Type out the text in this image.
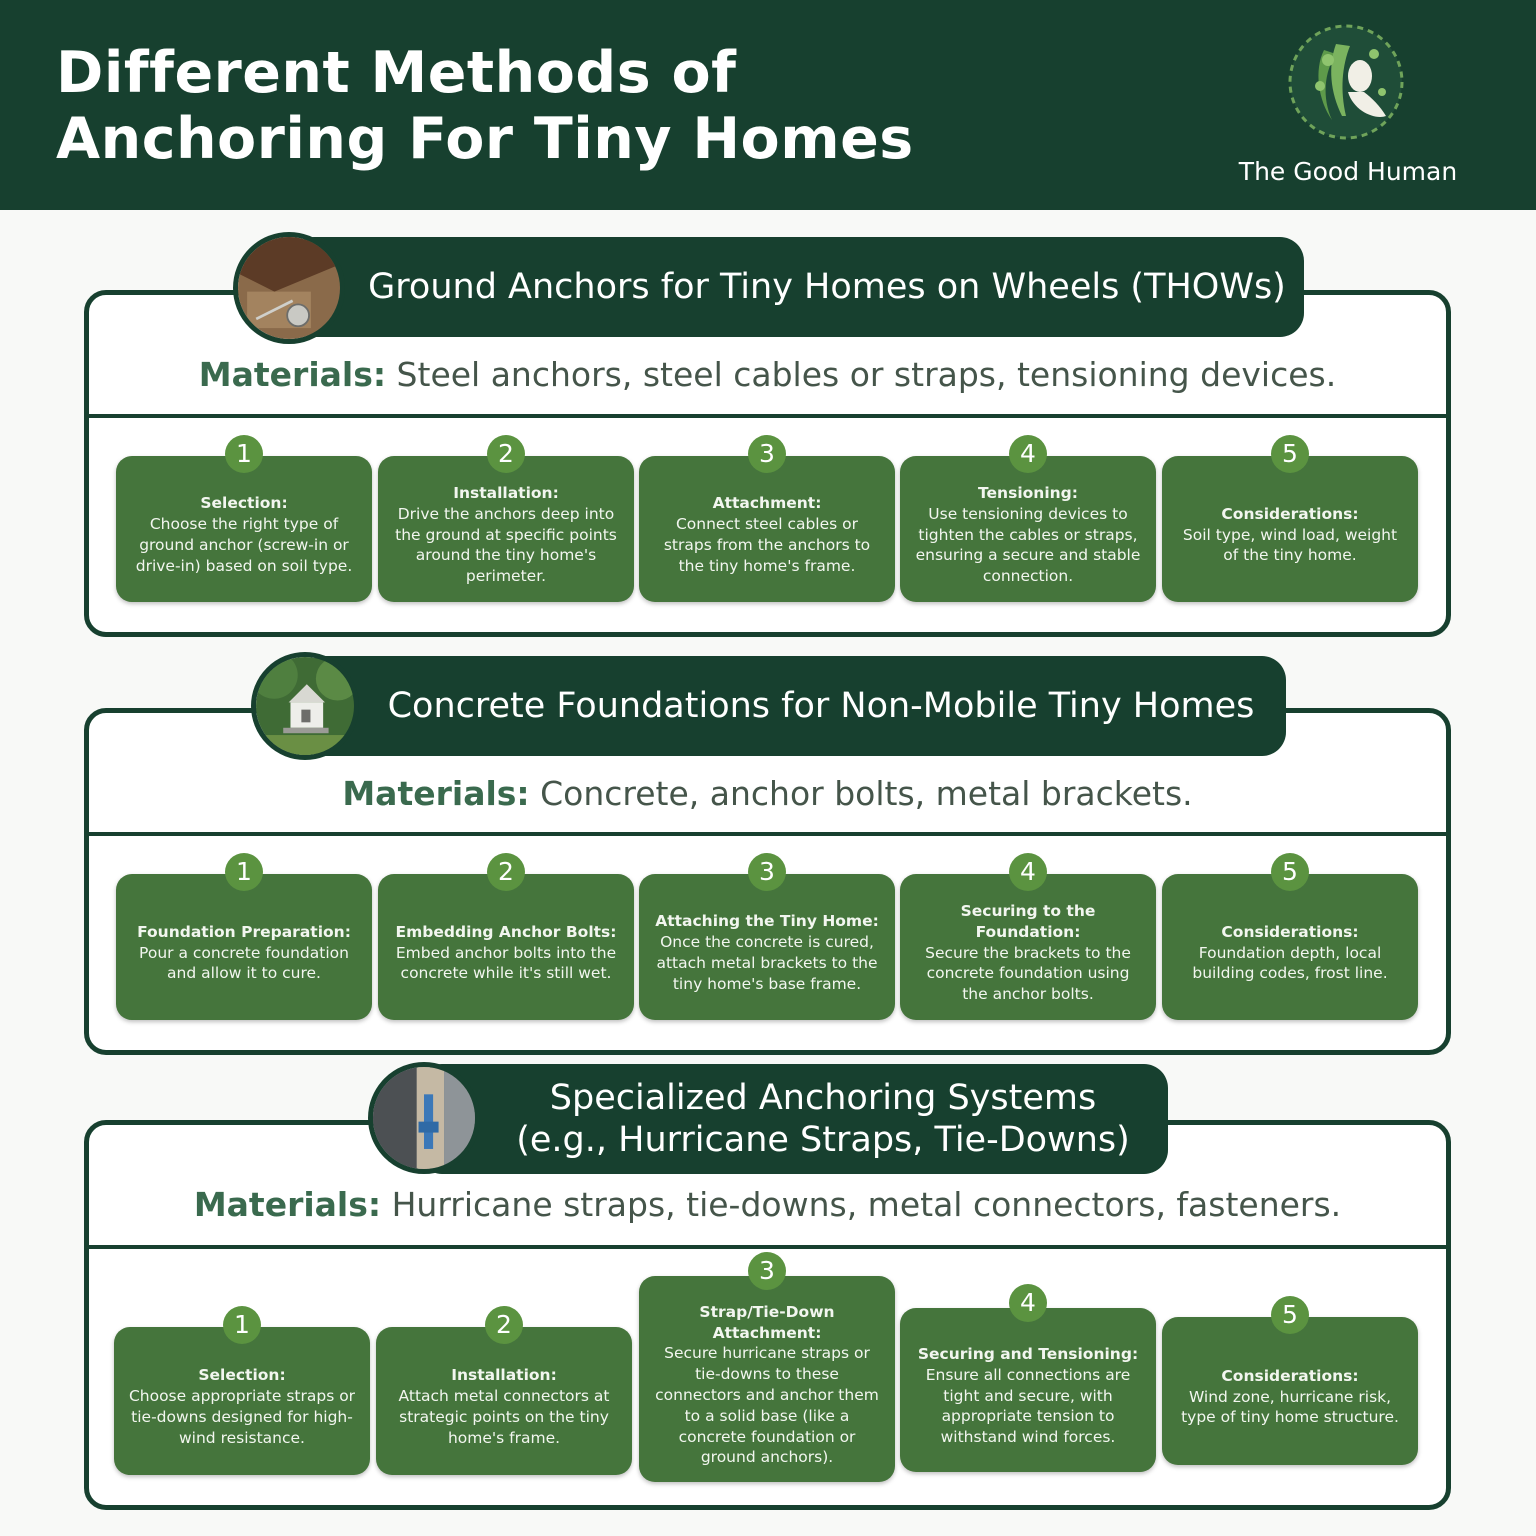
Different Methods of
Anchoring For Tiny Homes	The Good Human
Materials: Steel anchors, steel cables or straps, tensioning devices.
Ground Anchors for Tiny Homes on Wheels (THOWs)
Selection:
Choose the right type of ground anchor (screw-in or drive-in) based on soil type.
1
Installation:
Drive the anchors deep into the ground at specific points around the tiny home's perimeter.
2
Attachment:
Connect steel cables or straps from the anchors to the tiny home's frame.
3
Tensioning:
Use tensioning devices to tighten the cables or straps, ensuring a secure and stable connection.
4
Considerations:
Soil type, wind load, weight of the tiny home.
5
Materials: Concrete, anchor bolts, metal brackets.
Concrete Foundations for Non-Mobile Tiny Homes
Foundation Preparation:
Pour a concrete foundation and allow it to cure.
1
Embedding Anchor Bolts:
Embed anchor bolts into the concrete while it's still wet.
2
Attaching the Tiny Home:
Once the concrete is cured, attach metal brackets to the tiny home's base frame.
3
Securing to the Foundation:
Secure the brackets to the concrete foundation using the anchor bolts.
4
Considerations:
Foundation depth, local building codes, frost line.
5
Materials: Hurricane straps, tie-downs, metal connectors, fasteners.
Specialized Anchoring Systems
(e.g., Hurricane Straps, Tie-Downs)
Selection:
Choose appropriate straps or tie-downs designed for high-wind resistance.
1
Installation:
Attach metal connectors at strategic points on the tiny home's frame.
2	Strap/Tie-Down Attachment:
Secure hurricane straps or tie-downs to these connectors and anchor them to a solid base (like a concrete foundation or ground anchors).
3
Securing and Tensioning:
Ensure all connections are tight and secure, with appropriate tension to withstand wind forces.
4
Considerations:
Wind zone, hurricane risk, type of tiny home structure.
5
